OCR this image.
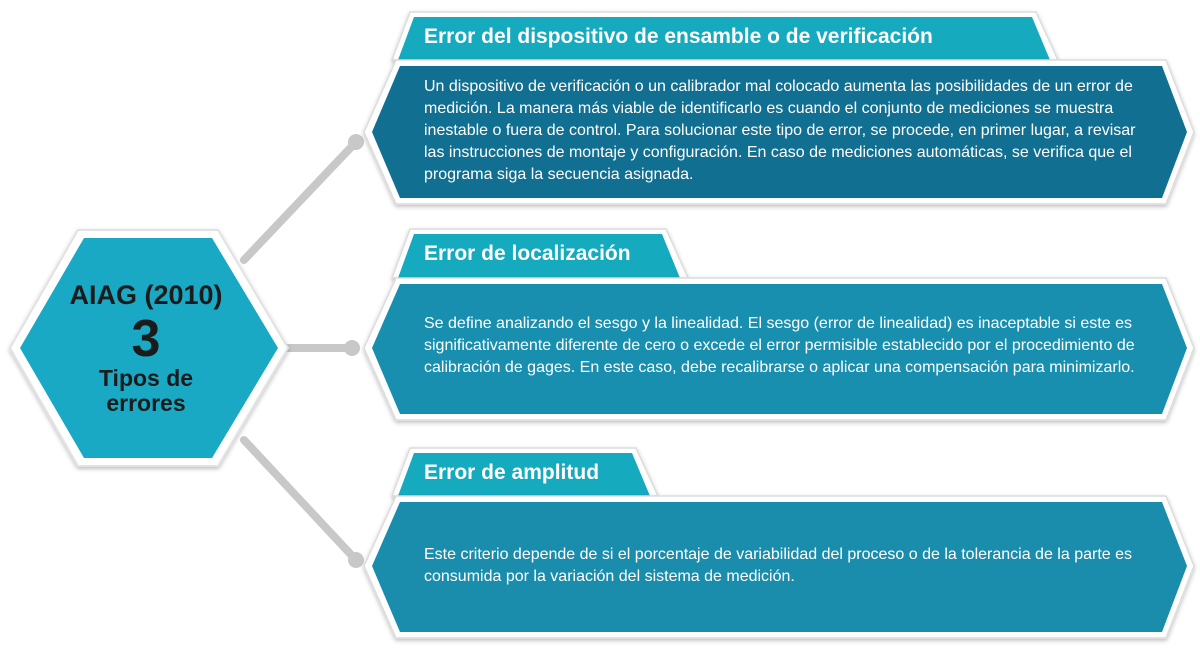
AIAG (2010)
3
Tipos de errores
Error del dispositivo de ensamble o de verificación
Un dispositivo de verificación o un calibrador mal colocado aumenta las posibilidades de un error de medición. La manera más viable de identificarlo es cuando el conjunto de mediciones se muestra inestable o fuera de control. Para solucionar este tipo de error, se procede, en primer lugar, a revisar las instrucciones de montaje y configuración. En caso de mediciones automáticas, se verifica que el programa siga la secuencia asignada.
Error de localización
Se define analizando el sesgo y la linealidad. El sesgo (error de linealidad) es inaceptable si este es significativamente diferente de cero o excede el error permisible establecido por el procedimiento de calibración de gages. En este caso, debe recalibrarse o aplicar una compensación para minimizarlo.
Error de amplitud
Este criterio depende de si el porcentaje de variabilidad del proceso o de la tolerancia de la parte es consumida por la variación del sistema de medición.
